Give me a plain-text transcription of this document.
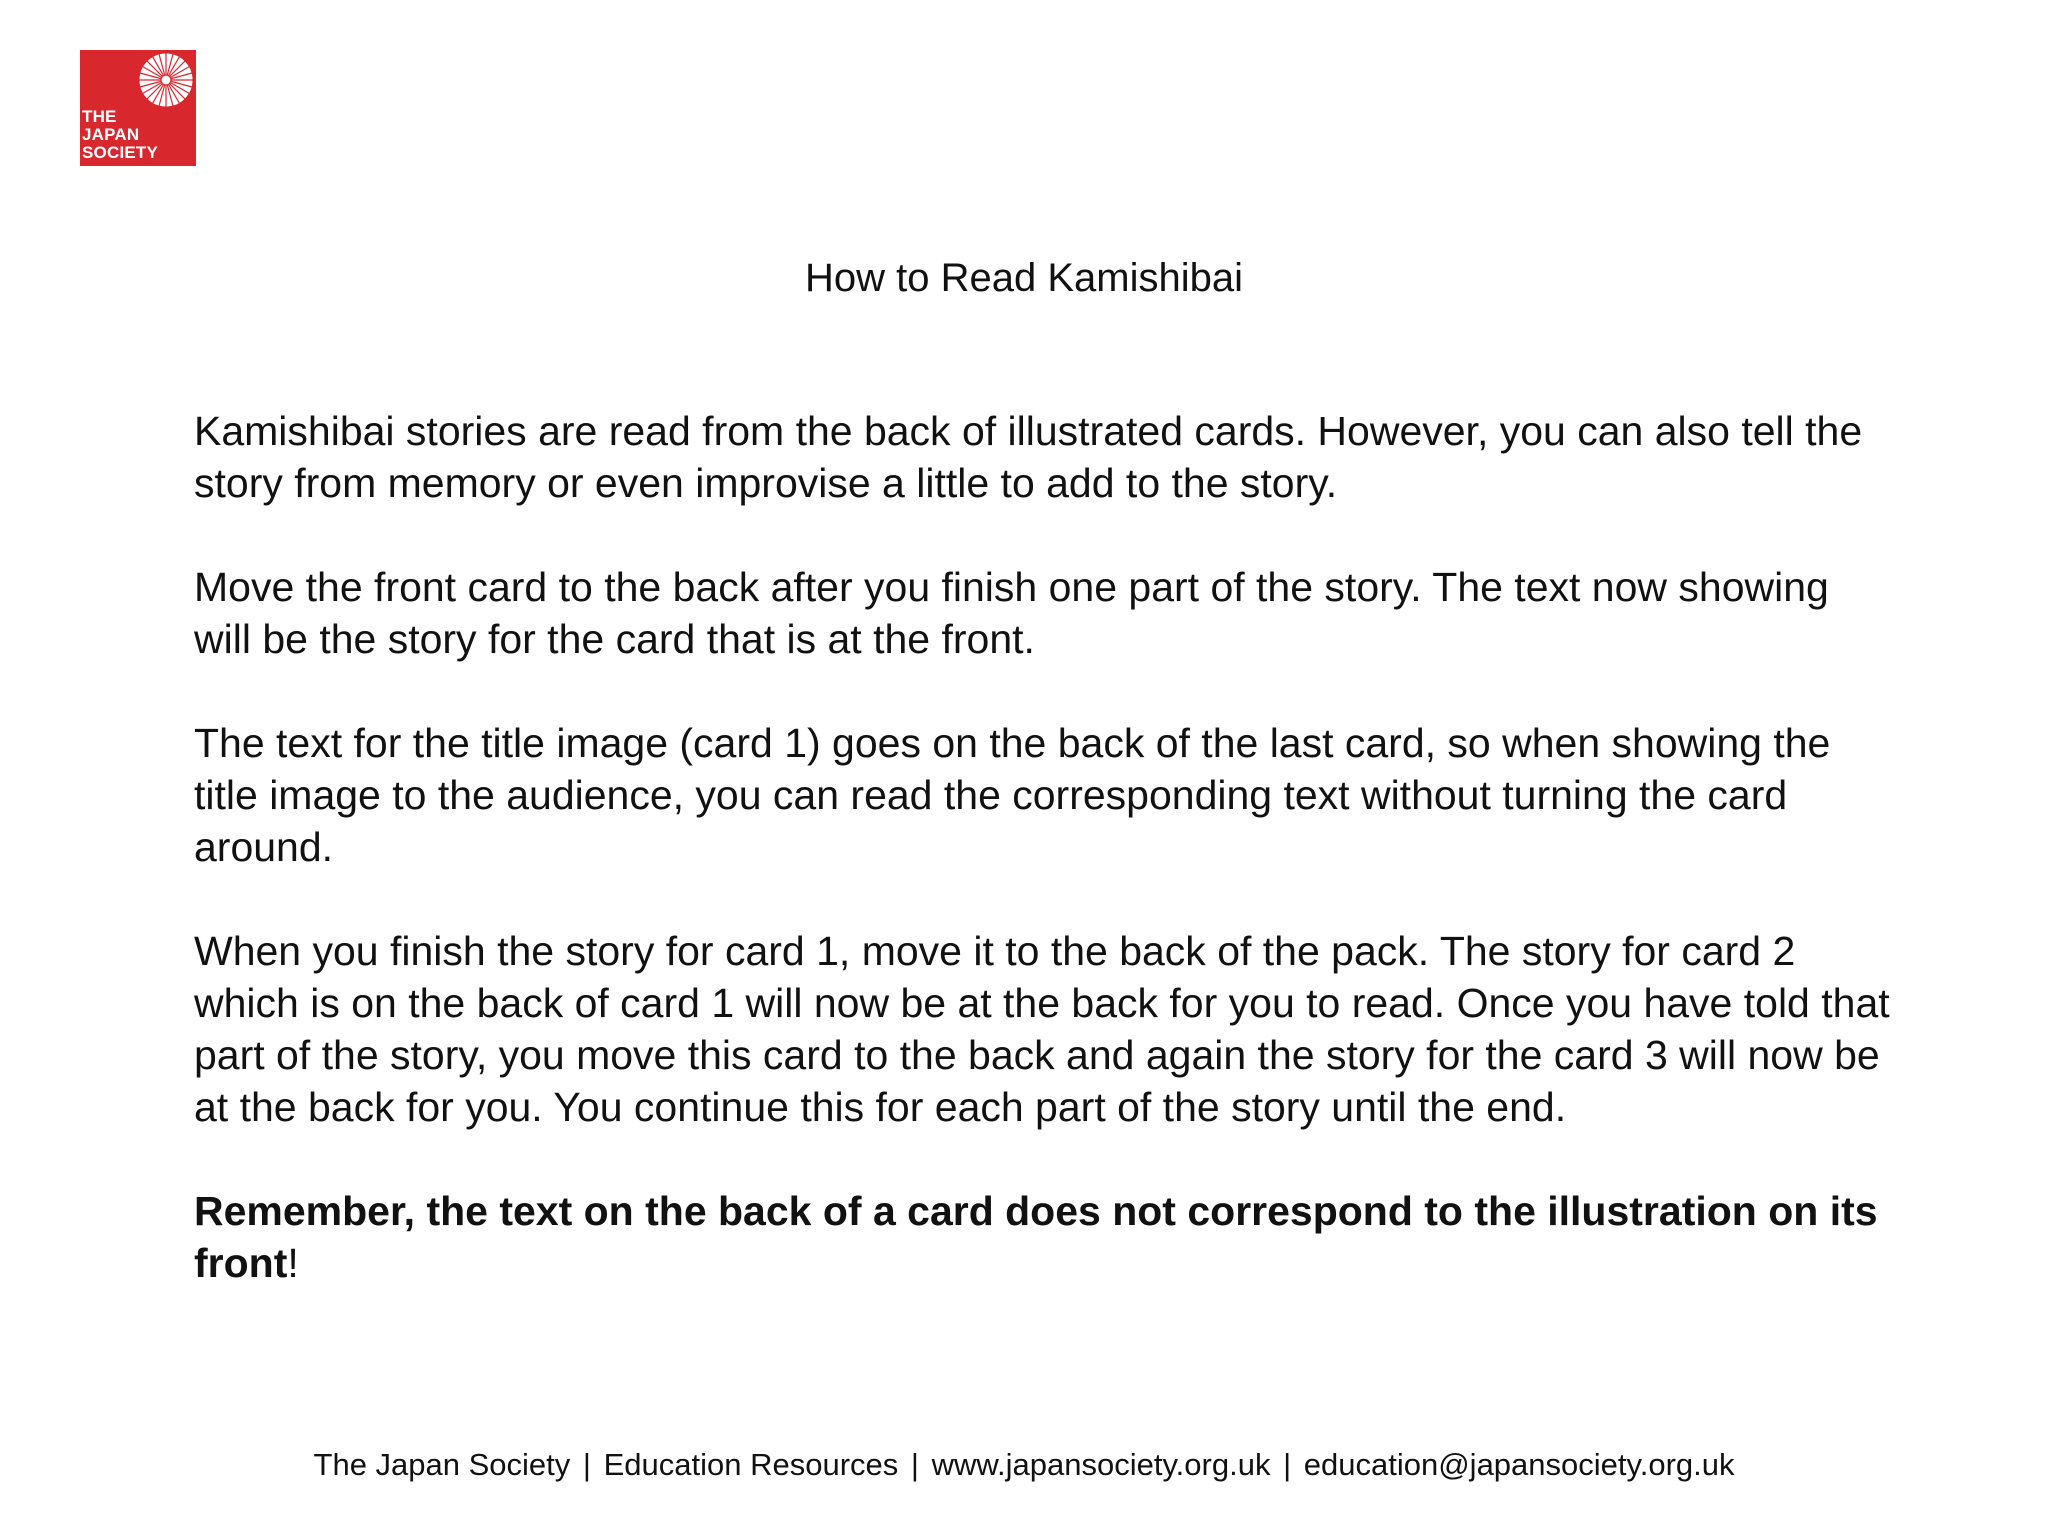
THE
JAPAN
SOCIETY
How to Read Kamishibai

Kamishibai stories are read from the back of illustrated cards. However, you can also tell the story from memory or even improvise a little to add to the story.

Move the front card to the back after you finish one part of the story. The text now showing will be the story for the card that is at the front.

The text for the title image (card 1) goes on the back of the last card, so when showing the title image to the audience, you can read the corresponding text without turning the card around.

When you finish the story for card 1, move it to the back of the pack. The story for card 2 which is on the back of card 1 will now be at the back for you to read. Once you have told that part of the story, you move this card to the back and again the story for the card 3 will now be at the back for you. You continue this for each part of the story until the end.

Remember, the text on the back of a card does not correspond to the illustration on its front!

The Japan Society | Education Resources | www.japansociety.org.uk | education@japansociety.org.uk
